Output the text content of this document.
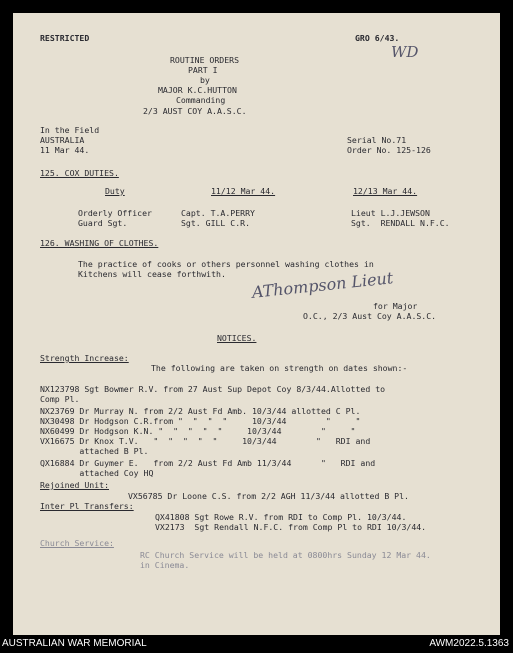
RESTRICTED	GRO 6/43.
WD
ROUTINE ORDERS
PART I
by
MAJOR K.C.HUTTON
Commanding
2/3 AUST COY A.A.S.C.
In the Field
AUSTRALIA
11 Mar 44.
Serial No.71
Order No. 125-126
125. COX DUTIES.
Duty	11/12 Mar 44.	12/13 Mar 44.
Orderly Officer	Capt. T.A.PERRY	Lieut L.J.JEWSON
Guard Sgt.	Sgt. GILL C.R.	Sgt.  RENDALL N.F.C.
126. WASHING OF CLOTHES.
The practice of cooks or others personnel washing clothes in
Kitchens will cease forthwith. AThompson Lieut
for Major
O.C., 2/3 Aust Coy A.A.S.C.
NOTICES.
Strength Increase:
The following are taken on strength on dates shown:-
NX123798 Sgt Bowmer R.V. from 27 Aust Sup Depot Coy 8/3/44.Allotted to
Comp Pl.
NX23769 Dr Murray N. from 2/2 Aust Fd Amb. 10/3/44 allotted C Pl.
NX30498 Dr Hodgson C.R.from "  "  "  "     10/3/44        "     "
NX60499 Dr Hodgson K.N. "  "  "  "  "     10/3/44        "     "
VX16675 Dr Knox T.V.   "  "  "  "  "     10/3/44        "   RDI and
attached B Pl.
QX16884 Dr Guymer E.   from 2/2 Aust Fd Amb 11/3/44      "   RDI and
attached Coy HQ
Rejoined Unit:
VX56785 Dr Loone C.S. from 2/2 AGH 11/3/44 allotted B Pl.
Inter Pl Transfers:
QX41808 Sgt Rowe R.V. from RDI to Comp Pl. 10/3/44.
VX2173  Sgt Rendall N.F.C. from Comp Pl to RDI 10/3/44.
Church Service:
RC Church Service will be held at 0800hrs Sunday 12 Mar 44.
in Cinema.
AUSTRALIAN WAR MEMORIAL	AWM2022.5.1363
